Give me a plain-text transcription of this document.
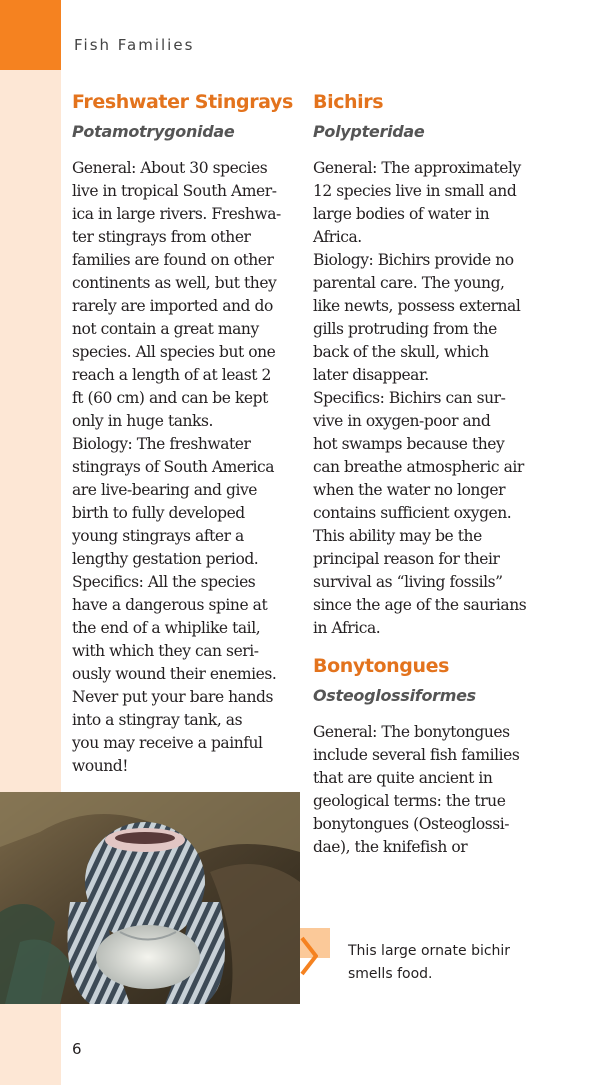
Fish Families

Freshwater Stingrays
Potamotrygonidae

General: About 30 species

live in tropical South Amer-

ica in large rivers. Freshwa-

ter stingrays from other

families are found on other

continents as well, but they

rarely are imported and do

not contain a great many

species. All species but one

reach a length of at least 2

ft (60 cm) and can be kept

only in huge tanks.

Biology: The freshwater

stingrays of South America

are live-bearing and give

birth to fully developed

young stingrays after a

lengthy gestation period.

Specifics: All the species

have a dangerous spine at

the end of a whiplike tail,

with which they can seri-

ously wound their enemies.

Never put your bare hands

into a stingray tank, as

you may receive a painful

wound!

Bichirs
Polypteridae

General: The approximately

12 species live in small and

large bodies of water in

Africa.

Biology: Bichirs provide no

parental care. The young,

like newts, possess external

gills protruding from the

back of the skull, which

later disappear.

Specifics: Bichirs can sur-

vive in oxygen-poor and

hot swamps because they

can breathe atmospheric air

when the water no longer

contains sufficient oxygen.

This ability may be the

principal reason for their

survival as “living fossils”

since the age of the saurians

in Africa.

Bonytongues
Osteoglossiformes

General: The bonytongues

include several fish families

that are quite ancient in

geological terms: the true

bonytongues (Osteoglossi-

dae), the knifefish or

This large ornate bichir
smells food.

6
